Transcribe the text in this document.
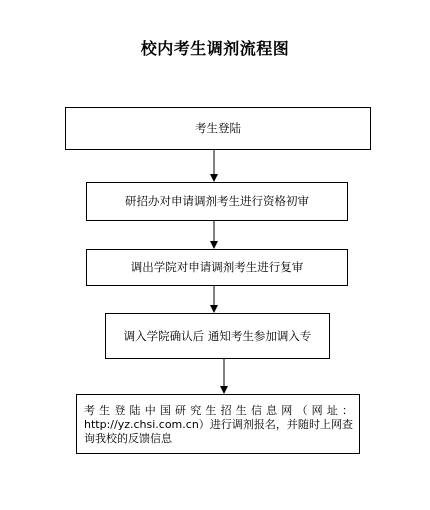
校内考生调剂流程图
考生登陆
研招办对申请调剂考生进行资格初审
调出学院对申请调剂考生进行复审
调入学院确认后 通知考生参加调入专
考生登陆中国研究生招生信息网（网址：http://yz.chsi.com.cn）进行调剂报名，并随时上网查询我校的反馈信息
